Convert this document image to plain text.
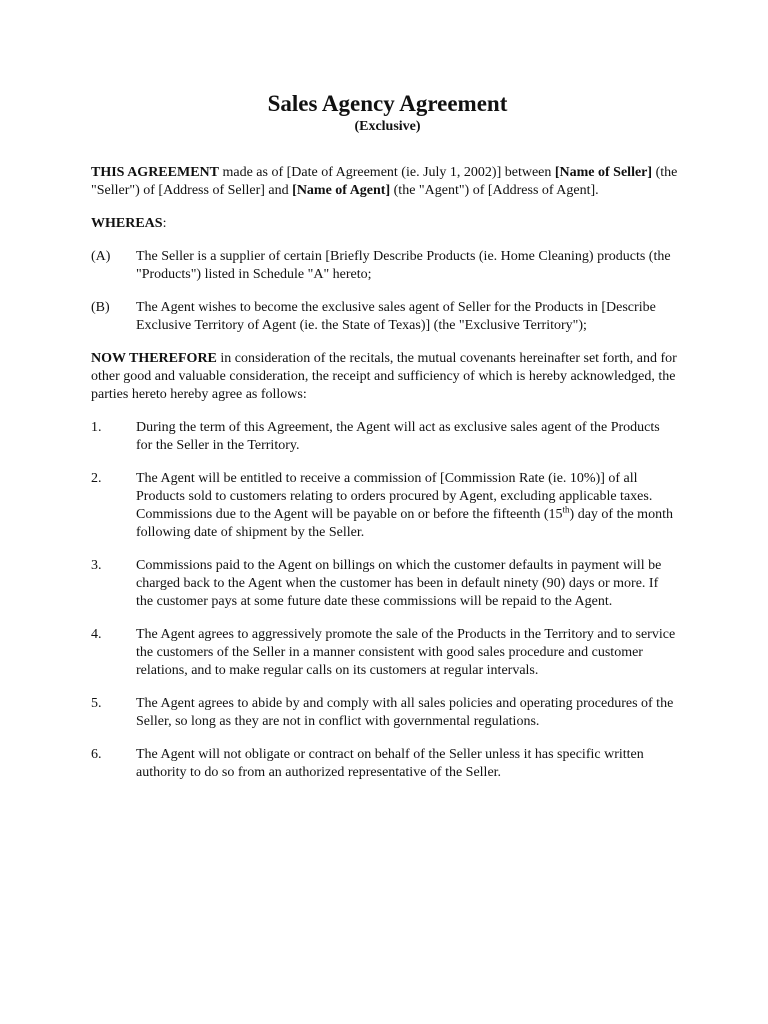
Sales Agency Agreement

(Exclusive)

THIS AGREEMENT made as of [Date of Agreement (ie. July 1, 2002)] between [Name of Seller] (the "Seller") of [Address of Seller] and [Name of Agent] (the "Agent") of [Address of Agent].

WHEREAS:

(A)	The Seller is a supplier of certain [Briefly Describe Products (ie. Home Cleaning) products (the "Products") listed in Schedule "A" hereto;
(B)	The Agent wishes to become the exclusive sales agent of Seller for the Products in [Describe Exclusive Territory of Agent (ie. the State of Texas)] (the "Exclusive Territory");

NOW THEREFORE in consideration of the recitals, the mutual covenants hereinafter set forth, and for other good and valuable consideration, the receipt and sufficiency of which is hereby acknowledged, the parties hereto hereby agree as follows:

1.	During the term of this Agreement, the Agent will act as exclusive sales agent of the Products for the Seller in the Territory.
2.	The Agent will be entitled to receive a commission of [Commission Rate (ie. 10%)] of all Products sold to customers relating to orders procured by Agent, excluding applicable taxes. Commissions due to the Agent will be payable on or before the fifteenth (15th) day of the month following date of shipment by the Seller.
3.	Commissions paid to the Agent on billings on which the customer defaults in payment will be charged back to the Agent when the customer has been in default ninety (90) days or more. If the customer pays at some future date these commissions will be repaid to the Agent.
4.	The Agent agrees to aggressively promote the sale of the Products in the Territory and to service the customers of the Seller in a manner consistent with good sales procedure and customer relations, and to make regular calls on its customers at regular intervals.
5.	The Agent agrees to abide by and comply with all sales policies and operating procedures of the Seller, so long as they are not in conflict with governmental regulations.
6.	The Agent will not obligate or contract on behalf of the Seller unless it has specific written authority to do so from an authorized representative of the Seller.
